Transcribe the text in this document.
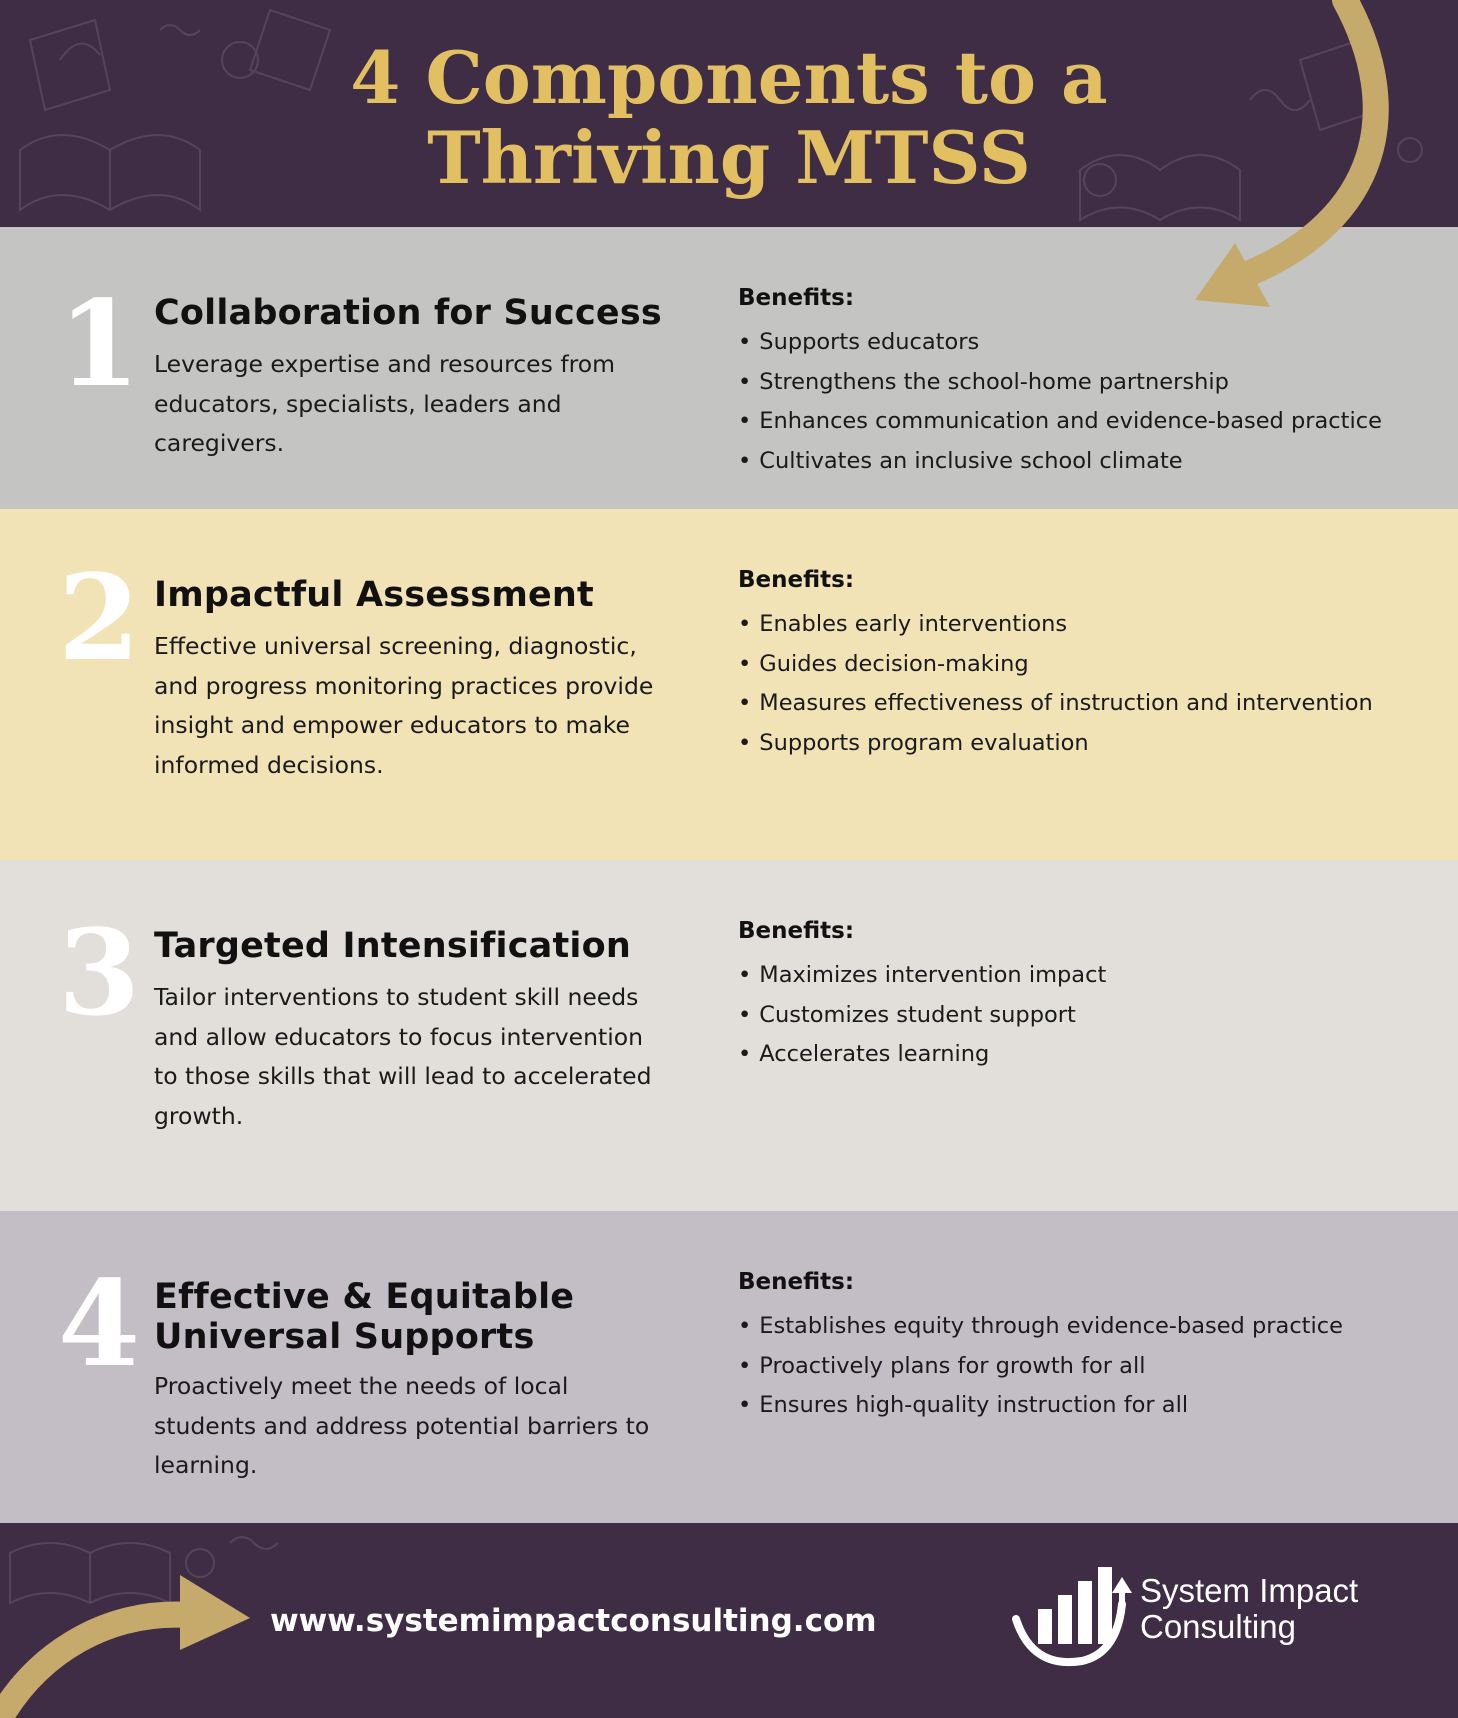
4 Components to a
Thriving MTSS
1 Collaboration for Success

Leverage expertise and resources from educators, specialists, leaders and caregivers.

Benefits:

• Supports educators
• Strengthens the school-home partnership
• Enhances communication and evidence-based practice
• Cultivates an inclusive school climate
2 Impactful Assessment

Effective universal screening, diagnostic, and progress monitoring practices provide insight and empower educators to make informed decisions.

Benefits:

• Enables early interventions
• Guides decision-making
• Measures effectiveness of instruction and intervention
• Supports program evaluation
3 Targeted Intensification

Tailor interventions to student skill needs and allow educators to focus intervention to those skills that will lead to accelerated growth.

Benefits:

• Maximizes intervention impact
• Customizes student support
• Accelerates learning
4 Effective & Equitable
Universal Supports

Proactively meet the needs of local students and address potential barriers to learning.

Benefits:

• Establishes equity through evidence-based practice
• Proactively plans for growth for all
• Ensures high-quality instruction for all
www.systemimpactconsulting.com
System Impact
Consulting
